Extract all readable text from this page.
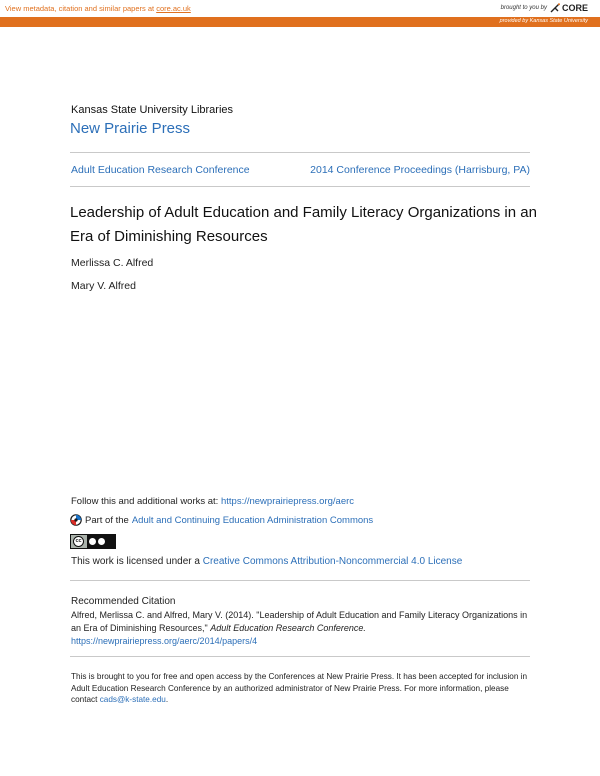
View metadata, citation and similar papers at core.ac.uk	brought to you by CORE
provided by Kansas State University
Kansas State University Libraries
New Prairie Press
Adult Education Research Conference	2014 Conference Proceedings (Harrisburg, PA)
Leadership of Adult Education and Family Literacy Organizations in an Era of Diminishing Resources
Merlissa C. Alfred
Mary V. Alfred
Follow this and additional works at: https://newprairiepress.org/aerc
Part of the Adult and Continuing Education Administration Commons
cc
This work is licensed under a Creative Commons Attribution-Noncommercial 4.0 License
Recommended Citation
Alfred, Merlissa C. and Alfred, Mary V. (2014). "Leadership of Adult Education and Family Literacy Organizations in an Era of Diminishing Resources," Adult Education Research Conference.
https://newprairiepress.org/aerc/2014/papers/4
This is brought to you for free and open access by the Conferences at New Prairie Press. It has been accepted for inclusion in Adult Education Research Conference by an authorized administrator of New Prairie Press. For more information, please contact cads@k-state.edu.
